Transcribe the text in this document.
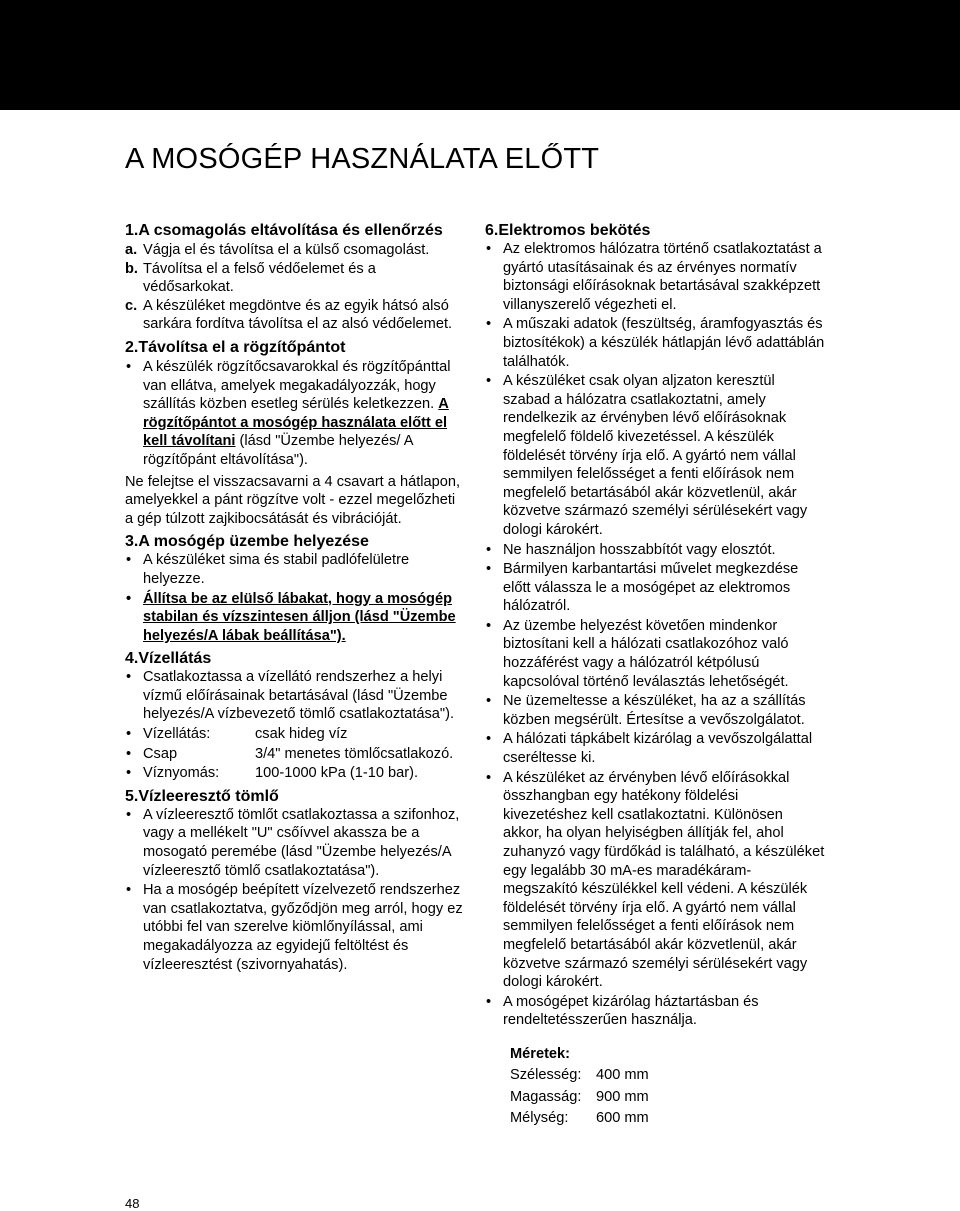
A MOSÓGÉP HASZNÁLATA ELŐTT
1. A csomagolás eltávolítása és ellenőrzés
a. Vágja el és távolítsa el a külső csomagolást.
b. Távolítsa el a felső védőelemet és a védősarkokat.
c. A készüléket megdöntve és az egyik hátsó alsó sarkára fordítva távolítsa el az alsó védőelemet.
2. Távolítsa el a rögzítőpántot
• A készülék rögzítőcsavarokkal és rögzítőpánttal van ellátva, amelyek megakadályozzák, hogy szállítás közben esetleg sérülés keletkezzen. A rögzítőpántot a mosógép használata előtt el kell távolítani (lásd "Üzembe helyezés/ A rögzítőpánt eltávolítása").

Ne felejtse el visszacsavarni a 4 csavart a hátlapon, amelyekkel a pánt rögzítve volt - ezzel megelőzheti a gép túlzott zajkibocsátását és vibrációját.

3. A mosógép üzembe helyezése
• A készüléket sima és stabil padlófelületre helyezze.
• Állítsa be az elülső lábakat, hogy a mosógép stabilan és vízszintesen álljon (lásd "Üzembe helyezés/A lábak beállítása").
4. Vízellátás
• Csatlakoztassa a vízellátó rendszerhez a helyi vízmű előírásainak betartásával (lásd "Üzembe helyezés/A vízbevezető tömlő csatlakoztatása").
• Vízellátás:	csak hideg víz
• Csap	3/4" menetes tömlőcsatlakozó.
• Víznyomás:	100-1000 kPa (1-10 bar).
5. Vízleeresztő tömlő
• A vízleeresztő tömlőt csatlakoztassa a szifonhoz, vagy a mellékelt "U" csőívvel akassza be a mosogató peremébe (lásd "Üzembe helyezés/A vízleeresztő tömlő csatlakoztatása").
• Ha a mosógép beépített vízelvezető rendszerhez van csatlakoztatva, győződjön meg arról, hogy ez utóbbi fel van szerelve kiömlőnyílással, ami megakadályozza az egyidejű feltöltést és vízleeresztést (szivornyahatás).
6. Elektromos bekötés
• Az elektromos hálózatra történő csatlakoztatást a gyártó utasításainak és az érvényes normatív biztonsági előírásoknak betartásával szakképzett villanyszerelő végezheti el.
• A műszaki adatok (feszültség, áramfogyasztás és biztosítékok) a készülék hátlapján lévő adattáblán találhatók.
• A készüléket csak olyan aljzaton keresztül szabad a hálózatra csatlakoztatni, amely rendelkezik az érvényben lévő előírásoknak megfelelő földelő kivezetéssel. A készülék földelését törvény írja elő. A gyártó nem vállal semmilyen felelősséget a fenti előírások nem megfelelő betartásából akár közvetlenül, akár közvetve származó személyi sérülésekért vagy dologi károkért.
• Ne használjon hosszabbítót vagy elosztót.
• Bármilyen karbantartási művelet megkezdése előtt válassza le a mosógépet az elektromos hálózatról.
• Az üzembe helyezést követően mindenkor biztosítani kell a hálózati csatlakozóhoz való hozzáférést vagy a hálózatról kétpólusú kapcsolóval történő leválasztás lehetőségét.
• Ne üzemeltesse a készüléket, ha az a szállítás közben megsérült. Értesítse a vevőszolgálatot.
• A hálózati tápkábelt kizárólag a vevőszolgálattal cseréltesse ki.
• A készüléket az érvényben lévő előírásokkal összhangban egy hatékony földelési kivezetéshez kell csatlakoztatni. Különösen akkor, ha olyan helyiségben állítják fel, ahol zuhanyzó vagy fürdőkád is található, a készüléket egy legalább 30 mA-es maradékáram-megszakító készülékkel kell védeni. A készülék földelését törvény írja elő. A gyártó nem vállal semmilyen felelősséget a fenti előírások nem megfelelő betartásából akár közvetlenül, akár közvetve származó személyi sérülésekért vagy dologi károkért.
• A mosógépet kizárólag háztartásban és rendeltetésszerűen használja.
Méretek:
Szélesség:	400 mm
Magasság:	900 mm
Mélység:	600 mm
48
